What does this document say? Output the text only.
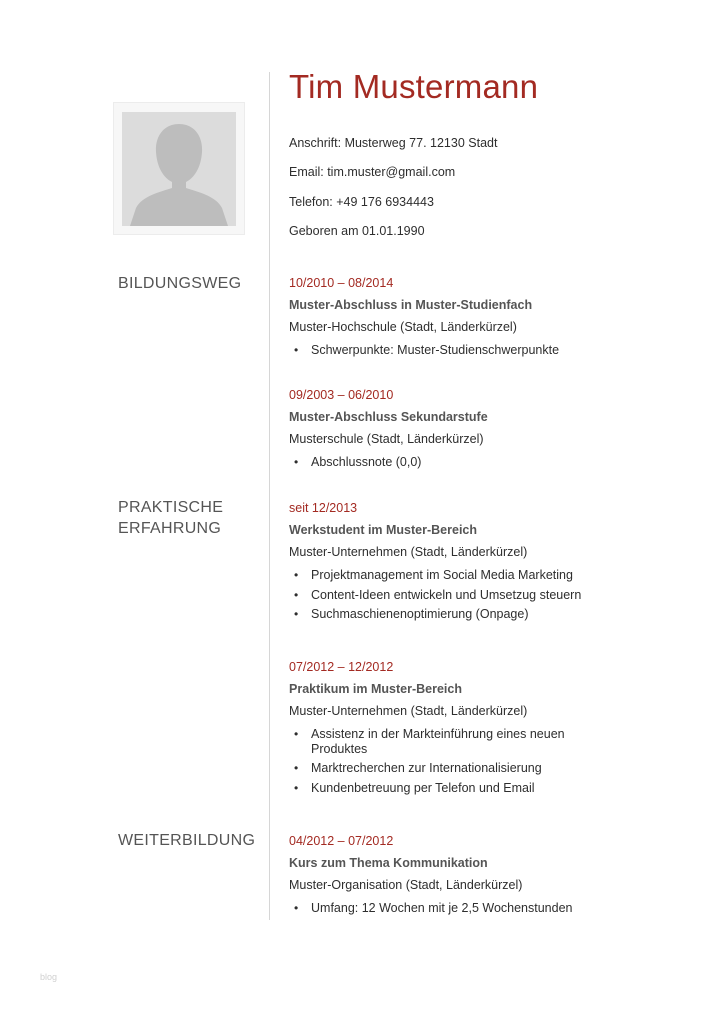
Tim Mustermann
Anschrift: Musterweg 77. 12130 Stadt
Email: tim.muster@gmail.com
Telefon: +49 176 6934443
Geboren am 01.01.1990
BILDUNGSWEG	10/2010 – 08/2014
Muster-Abschluss in Muster-Studienfach
Muster-Hochschule (Stadt, Länderkürzel)
• Schwerpunkte: Muster-Studienschwerpunkte
09/2003 – 06/2010
Muster-Abschluss Sekundarstufe
Musterschule (Stadt, Länderkürzel)
• Abschlussnote (0,0)
PRAKTISCHE
ERFAHRUNG
seit 12/2013
Werkstudent im Muster-Bereich
Muster-Unternehmen (Stadt, Länderkürzel)
• Projektmanagement im Social Media Marketing
• Content-Ideen entwickeln und Umsetzug steuern
• Suchmaschienenoptimierung (Onpage)
07/2012 – 12/2012
Praktikum im Muster-Bereich
Muster-Unternehmen (Stadt, Länderkürzel)
• Assistenz in der Markteinführung eines neuen Produktes
• Marktrecherchen zur Internationalisierung
• Kundenbetreuung per Telefon und Email
WEITERBILDUNG	04/2012 – 07/2012
Kurs zum Thema Kommunikation
Muster-Organisation (Stadt, Länderkürzel)
• Umfang: 12 Wochen mit je 2,5 Wochenstunden
blog
